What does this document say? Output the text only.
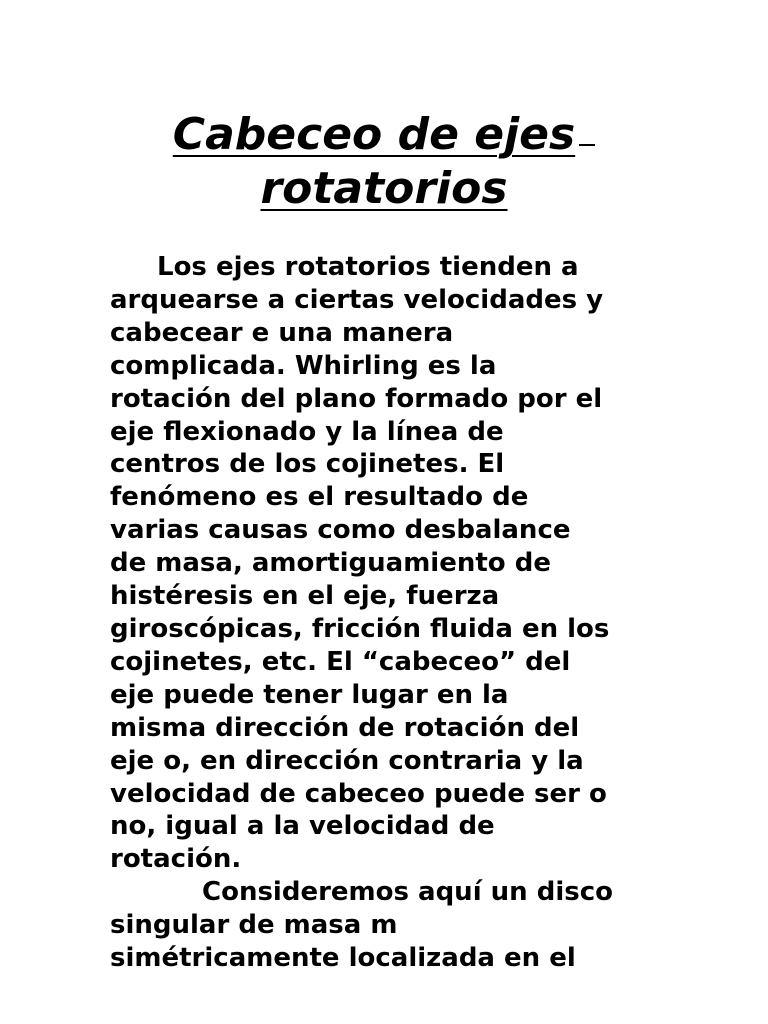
Cabeceo de ejes
rotatorios
Los ejes rotatorios tienden a
arquearse a ciertas velocidades y
cabecear e una manera
complicada. Whirling es la
rotación del plano formado por el
eje flexionado y la línea de
centros de los cojinetes. El
fenómeno es el resultado de
varias causas como desbalance
de masa, amortiguamiento de
histéresis en el eje, fuerza
giroscópicas, fricción fluida en los
cojinetes, etc. El “cabeceo” del
eje puede tener lugar en la
misma dirección de rotación del
eje o, en dirección contraria y la
velocidad de cabeceo puede ser o
no, igual a la velocidad de
rotación.
Consideremos aquí un disco
singular de masa m
simétricamente localizada en el
